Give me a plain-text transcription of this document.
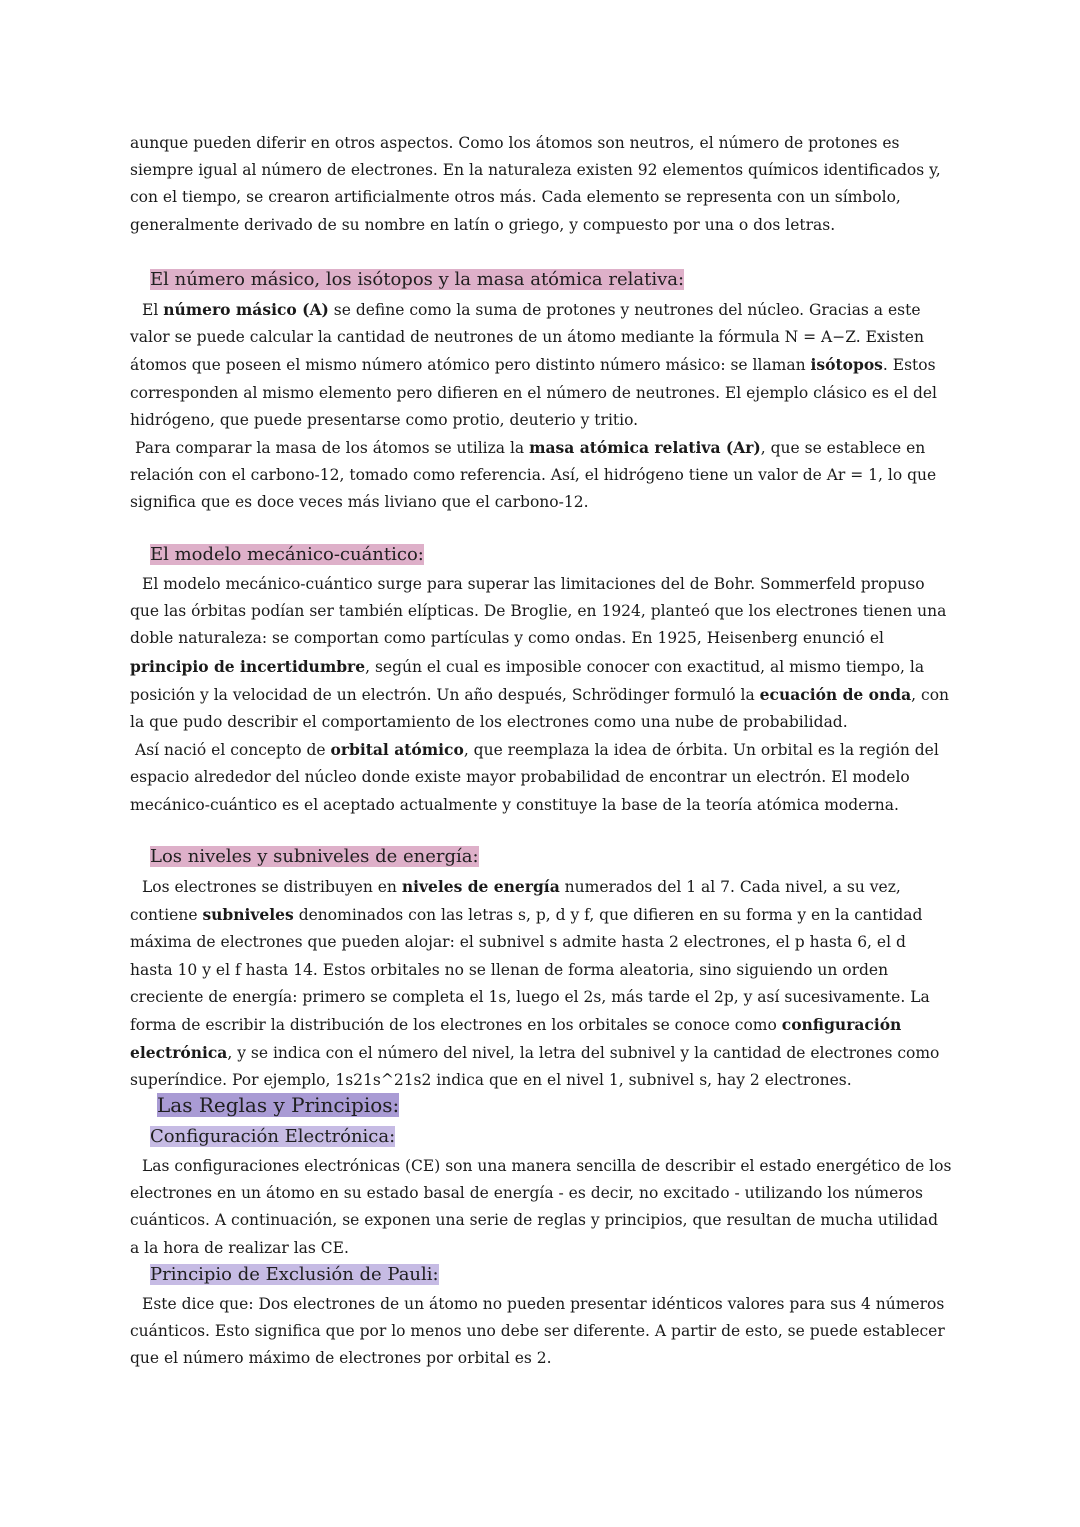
aunque pueden diferir en otros aspectos. Como los átomos son neutros, el número de protones es siempre igual al número de electrones. En la naturaleza existen 92 elementos químicos identificados y, con el tiempo, se crearon artificialmente otros más. Cada elemento se representa con un símbolo, generalmente derivado de su nombre en latín o griego, y compuesto por una o dos letras.

El número másico, los isótopos y la masa atómica relativa:

El número másico (A) se define como la suma de protones y neutrones del núcleo. Gracias a este valor se puede calcular la cantidad de neutrones de un átomo mediante la fórmula N = A−Z. Existen átomos que poseen el mismo número atómico pero distinto número másico: se llaman isótopos. Estos corresponden al mismo elemento pero difieren en el número de neutrones. El ejemplo clásico es el del hidrógeno, que puede presentarse como protio, deuterio y tritio.

Para comparar la masa de los átomos se utiliza la masa atómica relativa (Ar), que se establece en relación con el carbono-12, tomado como referencia. Así, el hidrógeno tiene un valor de Ar = 1, lo que significa que es doce veces más liviano que el carbono-12.

El modelo mecánico-cuántico:

El modelo mecánico-cuántico surge para superar las limitaciones del de Bohr. Sommerfeld propuso que las órbitas podían ser también elípticas. De Broglie, en 1924, planteó que los electrones tienen una doble naturaleza: se comportan como partículas y como ondas. En 1925, Heisenberg enunció el principio de incertidumbre, según el cual es imposible conocer con exactitud, al mismo tiempo, la posición y la velocidad de un electrón. Un año después, Schrödinger formuló la ecuación de onda, con la que pudo describir el comportamiento de los electrones como una nube de probabilidad.

Así nació el concepto de orbital atómico, que reemplaza la idea de órbita. Un orbital es la región del espacio alrededor del núcleo donde existe mayor probabilidad de encontrar un electrón. El modelo mecánico-cuántico es el aceptado actualmente y constituye la base de la teoría atómica moderna.

Los niveles y subniveles de energía:

Los electrones se distribuyen en niveles de energía numerados del 1 al 7. Cada nivel, a su vez, contiene subniveles denominados con las letras s, p, d y f, que difieren en su forma y en la cantidad máxima de electrones que pueden alojar: el subnivel s admite hasta 2 electrones, el p hasta 6, el d hasta 10 y el f hasta 14. Estos orbitales no se llenan de forma aleatoria, sino siguiendo un orden creciente de energía: primero se completa el 1s, luego el 2s, más tarde el 2p, y así sucesivamente. La forma de escribir la distribución de los electrones en los orbitales se conoce como configuración electrónica, y se indica con el número del nivel, la letra del subnivel y la cantidad de electrones como superíndice. Por ejemplo, 1s21s^21s2 indica que en el nivel 1, subnivel s, hay 2 electrones.

Las Reglas y Principios:
Configuración Electrónica:

Las configuraciones electrónicas (CE) son una manera sencilla de describir el estado energético de los electrones en un átomo en su estado basal de energía - es decir, no excitado - utilizando los números cuánticos. A continuación, se exponen una serie de reglas y principios, que resultan de mucha utilidad a la hora de realizar las CE.

Principio de Exclusión de Pauli:

Este dice que: Dos electrones de un átomo no pueden presentar idénticos valores para sus 4 números cuánticos. Esto significa que por lo menos uno debe ser diferente. A partir de esto, se puede establecer que el número máximo de electrones por orbital es 2.
